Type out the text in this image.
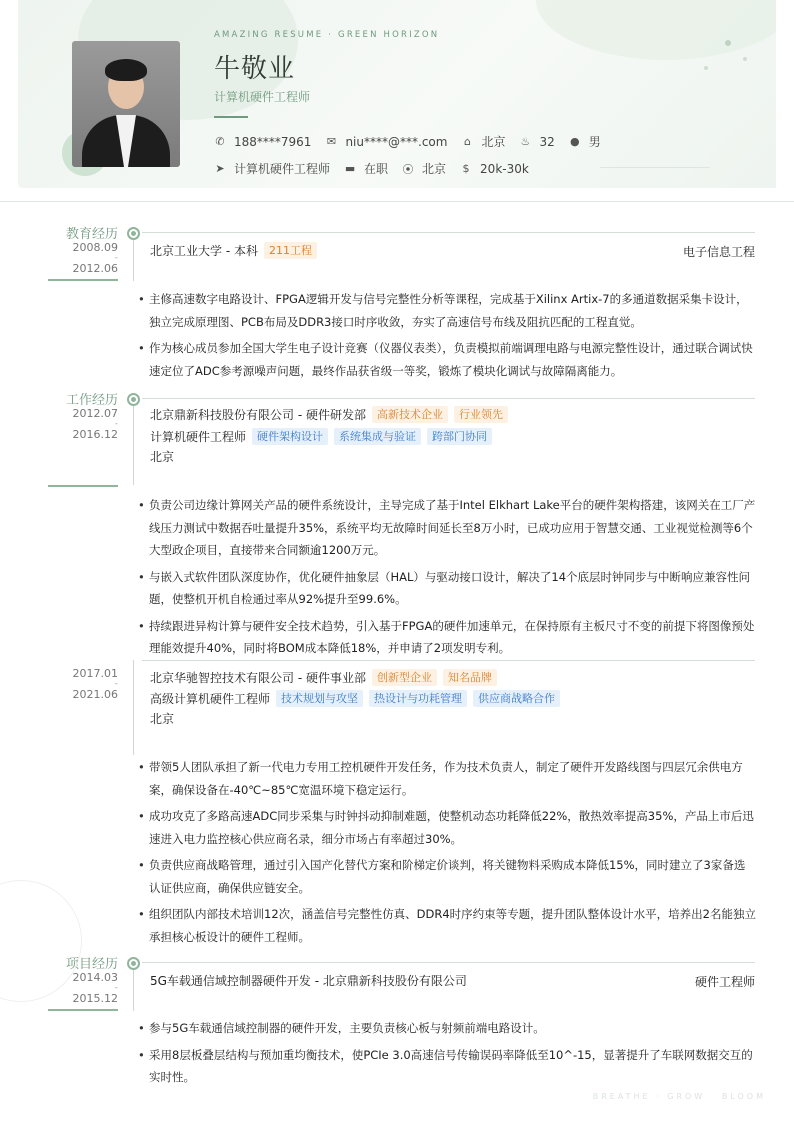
AMAZING RESUME · GREEN HORIZON
牛敬业
计算机硬件工程师
✆ 188****7961 ✉ niu****@***.com ⌂ 北京 ♨ 32 ● 男
➤ 计算机硬件工程师 ▬ 在职 ⦿ 北京 $ 20k-30k
教育经历
2008.09
-
2012.06
北京工业大学 - 本科	211工程	电子信息工程
• 主修高速数字电路设计、FPGA逻辑开发与信号完整性分析等课程，完成基于Xilinx Artix-7的多通道数据采集卡设计，独立完成原理图、PCB布局及DDR3接口时序收敛，夯实了高速信号布线及阻抗匹配的工程直觉。
• 作为核心成员参加全国大学生电子设计竞赛（仪器仪表类），负责模拟前端调理电路与电源完整性设计，通过联合调试快速定位了ADC参考源噪声问题，最终作品获省级一等奖，锻炼了模块化调试与故障隔离能力。
工作经历
2012.07
-
2016.12
北京鼎新科技股份有限公司 - 硬件研发部	高新技术企业	行业领先
计算机硬件工程师	硬件架构设计	系统集成与验证	跨部门协同
北京
• 负责公司边缘计算网关产品的硬件系统设计，主导完成了基于Intel Elkhart Lake平台的硬件架构搭建，该网关在工厂产线压力测试中数据吞吐量提升35%，系统平均无故障时间延长至8万小时，已成功应用于智慧交通、工业视觉检测等6个大型政企项目，直接带来合同额逾1200万元。
• 与嵌入式软件团队深度协作，优化硬件抽象层（HAL）与驱动接口设计，解决了14个底层时钟同步与中断响应兼容性问题，使整机开机自检通过率从92%提升至99.6%。
• 持续跟进异构计算与硬件安全技术趋势，引入基于FPGA的硬件加速单元，在保持原有主板尺寸不变的前提下将图像预处理能效提升40%，同时将BOM成本降低18%，并申请了2项发明专利。
2017.01
-
2021.06
北京华驰智控技术有限公司 - 硬件事业部	创新型企业	知名品牌
高级计算机硬件工程师	技术规划与攻坚	热设计与功耗管理	供应商战略合作
北京
• 带领5人团队承担了新一代电力专用工控机硬件开发任务，作为技术负责人，制定了硬件开发路线图与四层冗余供电方案，确保设备在-40℃~85℃宽温环境下稳定运行。
• 成功攻克了多路高速ADC同步采集与时钟抖动抑制难题，使整机动态功耗降低22%，散热效率提高35%，产品上市后迅速进入电力监控核心供应商名录，细分市场占有率超过30%。
• 负责供应商战略管理，通过引入国产化替代方案和阶梯定价谈判，将关键物料采购成本降低15%，同时建立了3家备选认证供应商，确保供应链安全。
• 组织团队内部技术培训12次，涵盖信号完整性仿真、DDR4时序约束等专题，提升团队整体设计水平，培养出2名能独立承担核心板设计的硬件工程师。
项目经历
2014.03
-
2015.12
5G车载通信域控制器硬件开发 - 北京鼎新科技股份有限公司	硬件工程师
• 参与5G车载通信域控制器的硬件开发，主要负责核心板与射频前端电路设计。
• 采用8层板叠层结构与预加重均衡技术，使PCIe 3.0高速信号传输误码率降低至10^-15，显著提升了车联网数据交互的实时性。
BREATHE · GROW · BLOOM
